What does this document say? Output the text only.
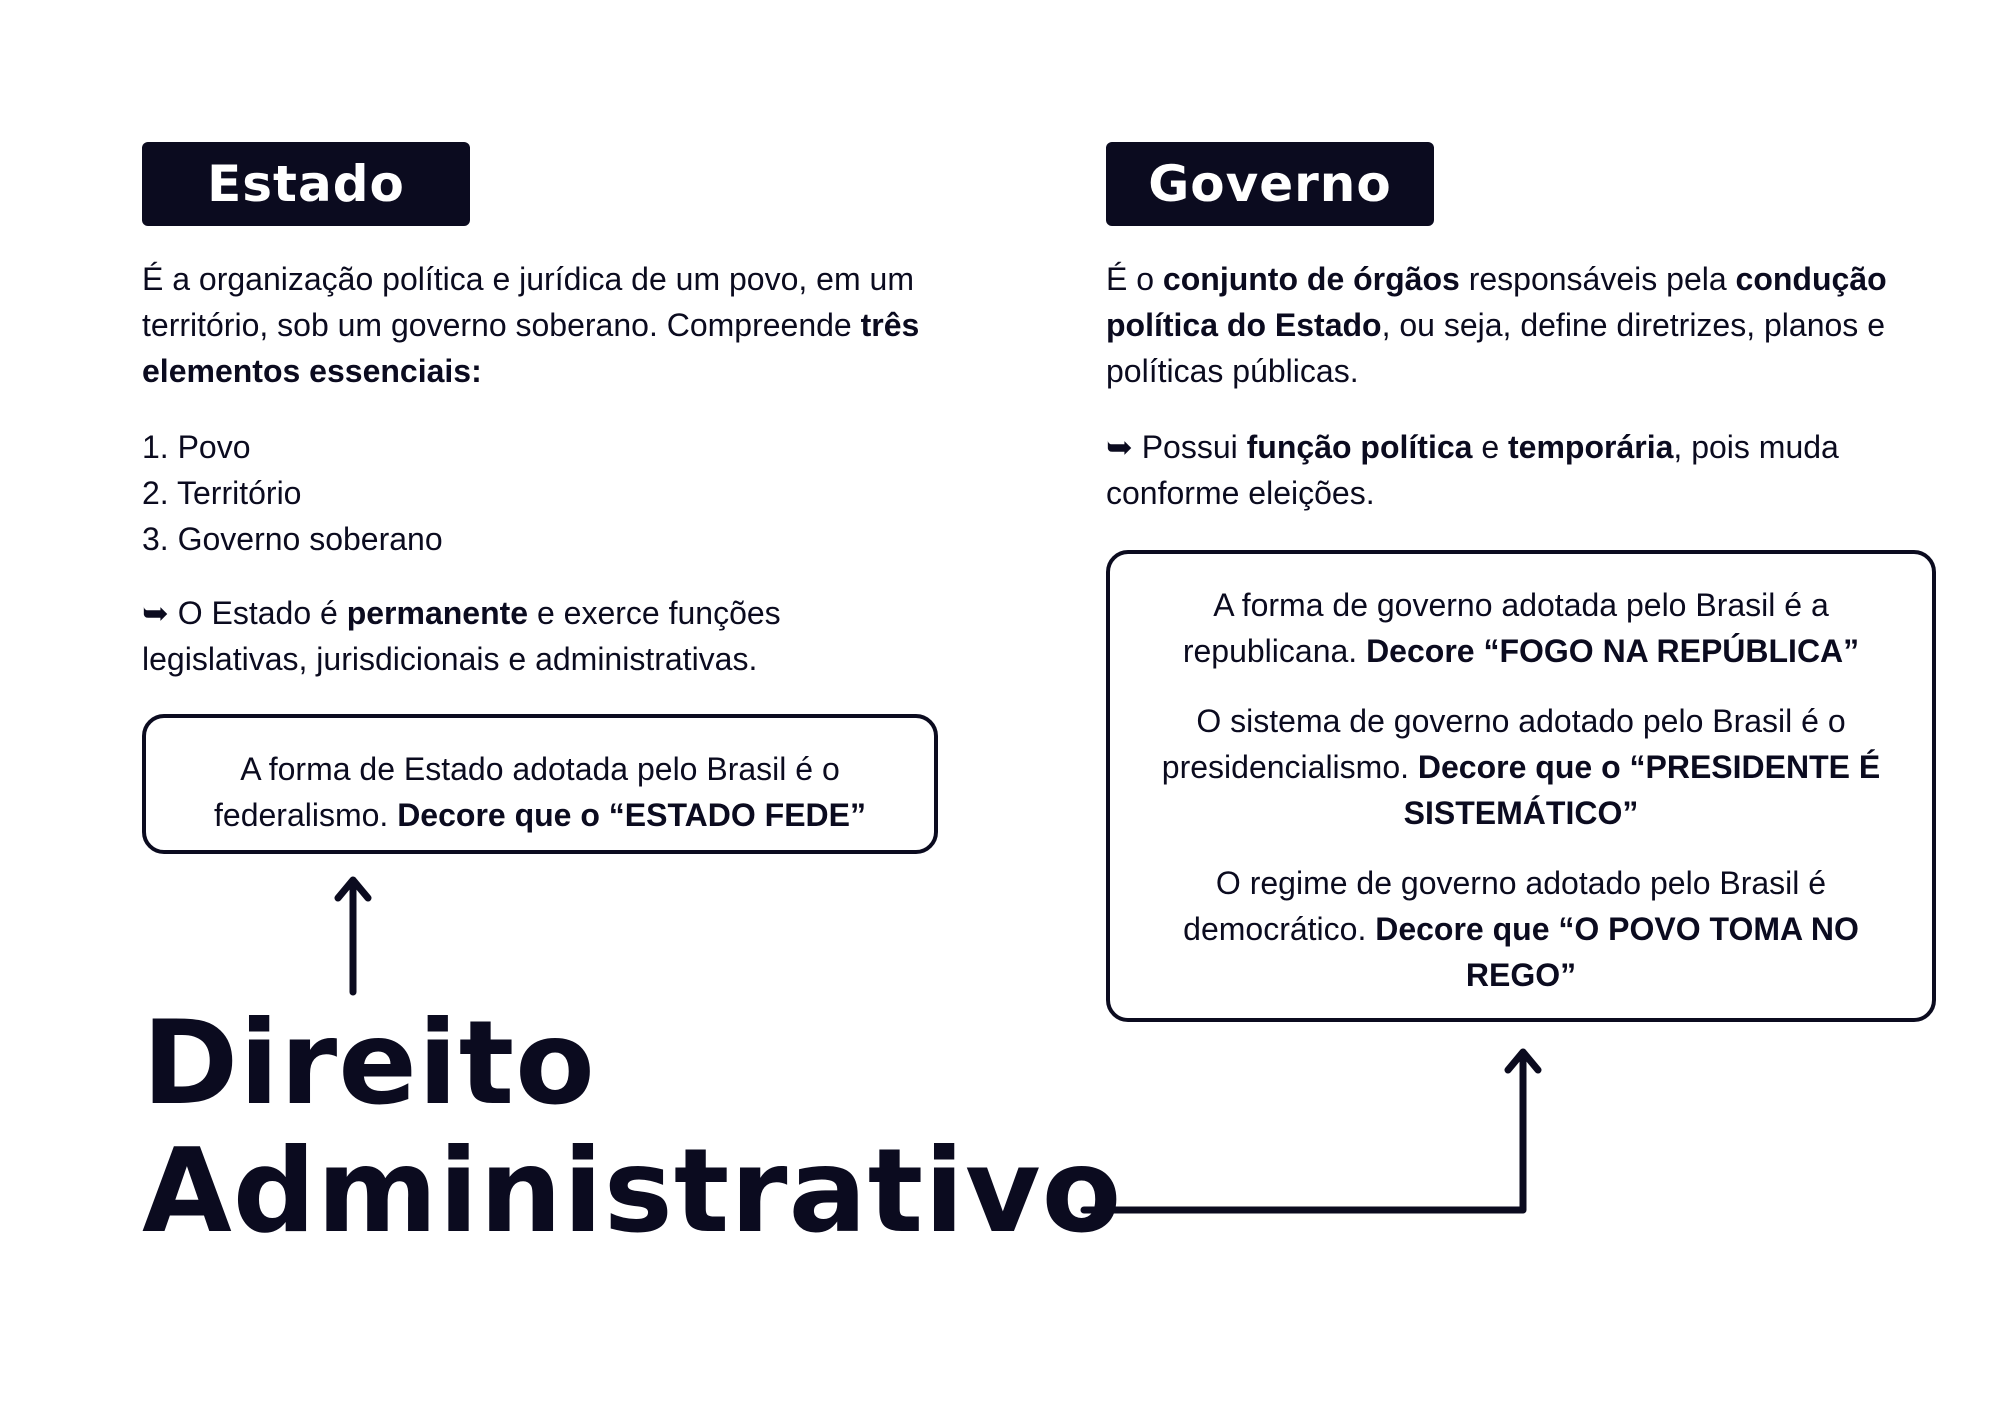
Estado

É a organização política e jurídica de um povo, em um território, sob um governo soberano. Compreende três elementos essenciais:

1. Povo

2. Território

3. Governo soberano

➥ O Estado é permanente e exerce funções legislativas, jurisdicionais e administrativas.

A forma de Estado adotada pelo Brasil é o federalismo. Decore que o “ESTADO FEDE”

Governo

É o conjunto de órgãos responsáveis pela condução política do Estado, ou seja, define diretrizes, planos e políticas públicas.

➥ Possui função política e temporária, pois muda conforme eleições.

A forma de governo adotada pelo Brasil é a republicana. Decore “FOGO NA REPÚBLICA”

O sistema de governo adotado pelo Brasil é o presidencialismo. Decore que o “PRESIDENTE É SISTEMÁTICO”

O regime de governo adotado pelo Brasil é democrático. Decore que “O POVO TOMA NO REGO”

Direito
Administrativo
